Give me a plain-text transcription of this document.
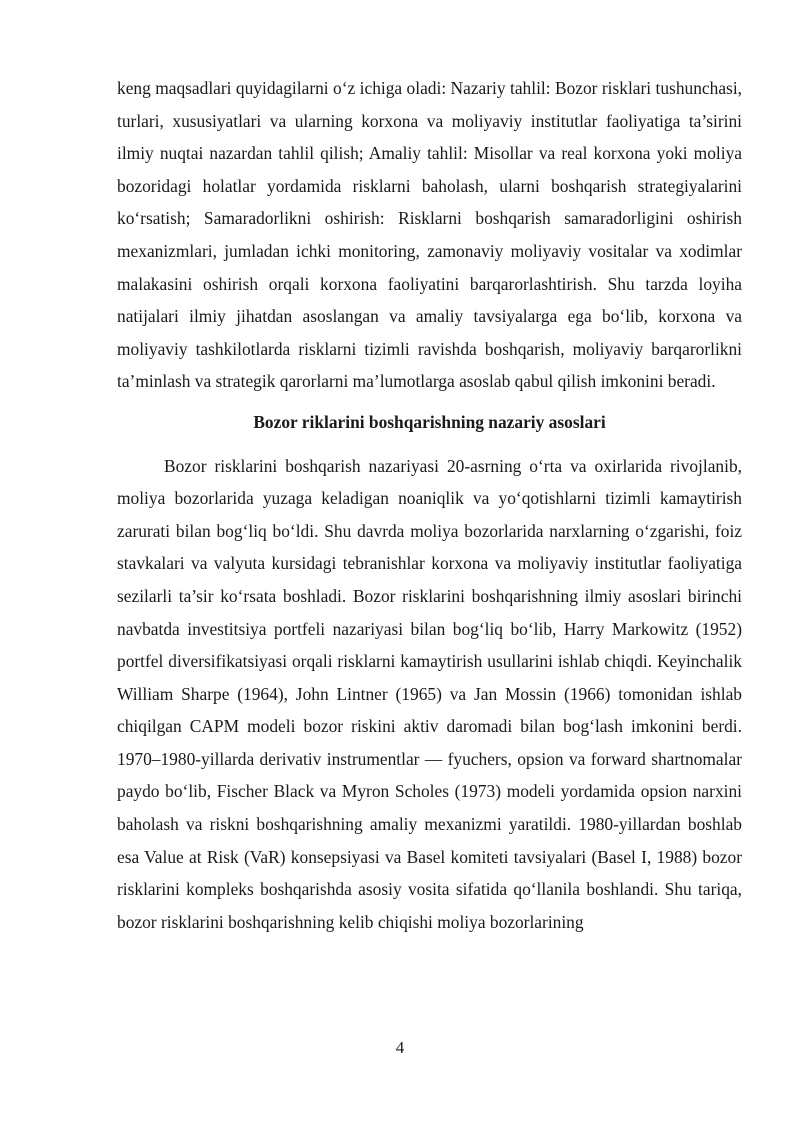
keng maqsadlari quyidagilarni o‘z ichiga oladi: Nazariy tahlil: Bozor risklari tushunchasi, turlari, xususiyatlari va ularning korxona va moliyaviy institutlar faoliyatiga ta’sirini ilmiy nuqtai nazardan tahlil qilish; Amaliy tahlil: Misollar va real korxona yoki moliya bozoridagi holatlar yordamida risklarni baholash, ularni boshqarish strategiyalarini ko‘rsatish; Samaradorlikni oshirish: Risklarni boshqarish samaradorligini oshirish mexanizmlari, jumladan ichki monitoring, zamonaviy moliyaviy vositalar va xodimlar malakasini oshirish orqali korxona faoliyatini barqarorlashtirish. Shu tarzda loyiha natijalari ilmiy jihatdan asoslangan va amaliy tavsiyalarga ega bo‘lib, korxona va moliyaviy tashkilotlarda risklarni tizimli ravishda boshqarish, moliyaviy barqarorlikni ta’minlash va strategik qarorlarni ma’lumotlarga asoslab qabul qilish imkonini beradi.

Bozor riklarini boshqarishning nazariy asoslari

Bozor risklarini boshqarish nazariyasi 20-asrning o‘rta va oxirlarida rivojlanib, moliya bozorlarida yuzaga keladigan noaniqlik va yo‘qotishlarni tizimli kamaytirish zarurati bilan bog‘liq bo‘ldi. Shu davrda moliya bozorlarida narxlarning o‘zgarishi, foiz stavkalari va valyuta kursidagi tebranishlar korxona va moliyaviy institutlar faoliyatiga sezilarli ta’sir ko‘rsata boshladi. Bozor risklarini boshqarishning ilmiy asoslari birinchi navbatda investitsiya portfeli nazariyasi bilan bog‘liq bo‘lib, Harry Markowitz (1952) portfel diversifikatsiyasi orqali risklarni kamaytirish usullarini ishlab chiqdi. Keyinchalik William Sharpe (1964), John Lintner (1965) va Jan Mossin (1966) tomonidan ishlab chiqilgan CAPM modeli bozor riskini aktiv daromadi bilan bog‘lash imkonini berdi. 1970–1980-yillarda derivativ instrumentlar — fyuchers, opsion va forward shartnomalar paydo bo‘lib, Fischer Black va Myron Scholes (1973) modeli yordamida opsion narxini baholash va riskni boshqarishning amaliy mexanizmi yaratildi. 1980-yillardan boshlab esa Value at Risk (VaR) konsepsiyasi va Basel komiteti tavsiyalari (Basel I, 1988) bozor risklarini kompleks boshqarishda asosiy vosita sifatida qo‘llanila boshlandi. Shu tariqa, bozor risklarini boshqarishning kelib chiqishi moliya bozorlarining

4
